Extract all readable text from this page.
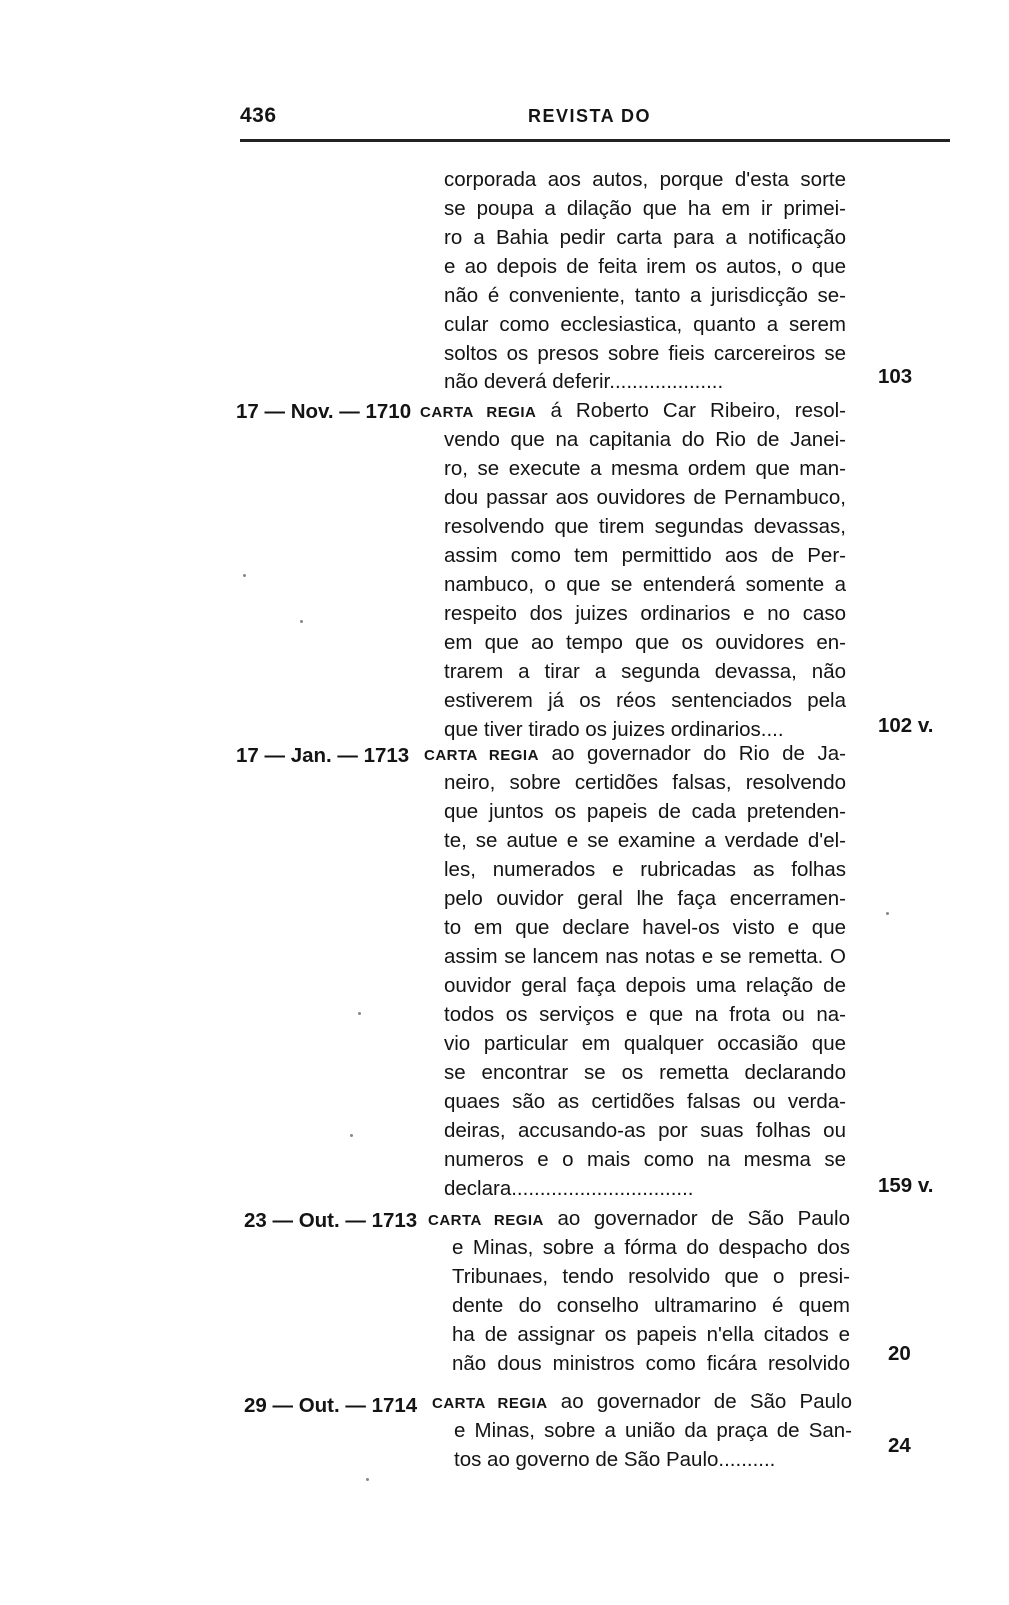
436	REVISTA DO
corporada aos autos, porque d'esta sorte
se poupa a dilação que ha em ir primei-
ro a Bahia pedir carta para a notificação
e ao depois de feita irem os autos, o que
não é conveniente, tanto a jurisdicção se-
cular como ecclesiastica, quanto a serem
soltos os presos sobre fieis carcereiros se
não deverá deferir....................	103
17 — Nov. — 1710 CARTA REGIA á Roberto Car Ribeiro, resol-
vendo que na capitania do Rio de Janei-
ro, se execute a mesma ordem que man-
dou passar aos ouvidores de Pernambuco,
resolvendo que tirem segundas devassas,
assim como tem permittido aos de Per-
nambuco, o que se entenderá somente a
respeito dos juizes ordinarios e no caso
em que ao tempo que os ouvidores en-
trarem a tirar a segunda devassa, não
estiverem já os réos sentenciados pela
que tiver tirado os juizes ordinarios....	102 v.
17 — Jan. — 1713 CARTA REGIA ao governador do Rio de Ja-
neiro, sobre certidões falsas, resolvendo
que juntos os papeis de cada pretenden-
te, se autue e se examine a verdade d'el-
les, numerados e rubricadas as folhas
pelo ouvidor geral lhe faça encerramen-
to em que declare havel-os visto e que
assim se lancem nas notas e se remetta. O
ouvidor geral faça depois uma relação de
todos os serviços e que na frota ou na-
vio particular em qualquer occasião que
se encontrar se os remetta declarando
quaes são as certidões falsas ou verda-
deiras, accusando-as por suas folhas ou
numeros e o mais como na mesma se
declara................................	159 v.
23 — Out. — 1713 CARTA REGIA ao governador de São Paulo
e Minas, sobre a fórma do despacho dos
Tribunaes, tendo resolvido que o presi-
dente do conselho ultramarino é quem
ha de assignar os papeis n'ella citados e
não dous ministros como ficára resolvido 20
29 — Out. — 1714 CARTA REGIA ao governador de São Paulo
e Minas, sobre a união da praça de San-
tos ao governo de São Paulo..........
24
